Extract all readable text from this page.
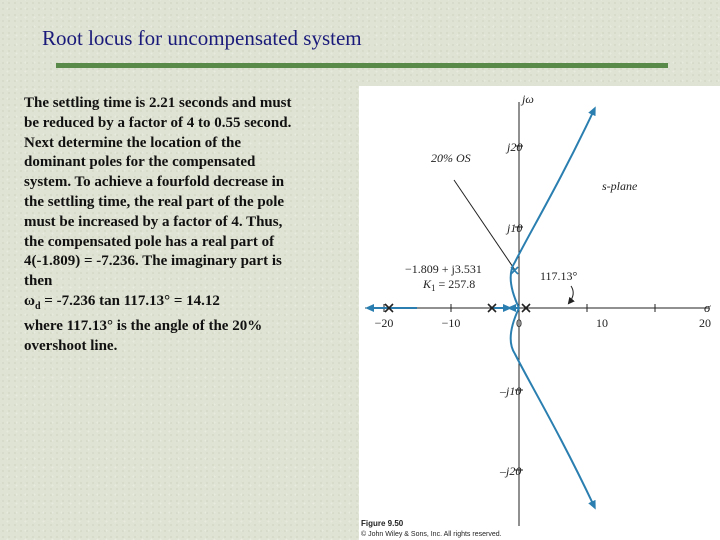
Root locus for uncompensated system

The settling time is 2.21 seconds and must

be reduced by a factor of 4 to 0.55 second.

Next determine the location of the

dominant poles for the compensated

system. To achieve a fourfold decrease in

the settling time, the real part of the pole

must be increased by a factor of 4. Thus,

the compensated pole has a real part of

4(-1.809) = -7.236. The imaginary part is

then

$\omega_d = -7.236$ tan 117.13° = 14.12

where 117.13° is the angle of the 20%

overshoot line.

−20	−10	0	10	20
j20
j10
–j10
–j20
jω
σ
s-plane
20% OS
−1.809 + j3.531
$K_1 = 257.8$
117.13°
Figure 9.50
© John Wiley & Sons, Inc. All rights reserved.
